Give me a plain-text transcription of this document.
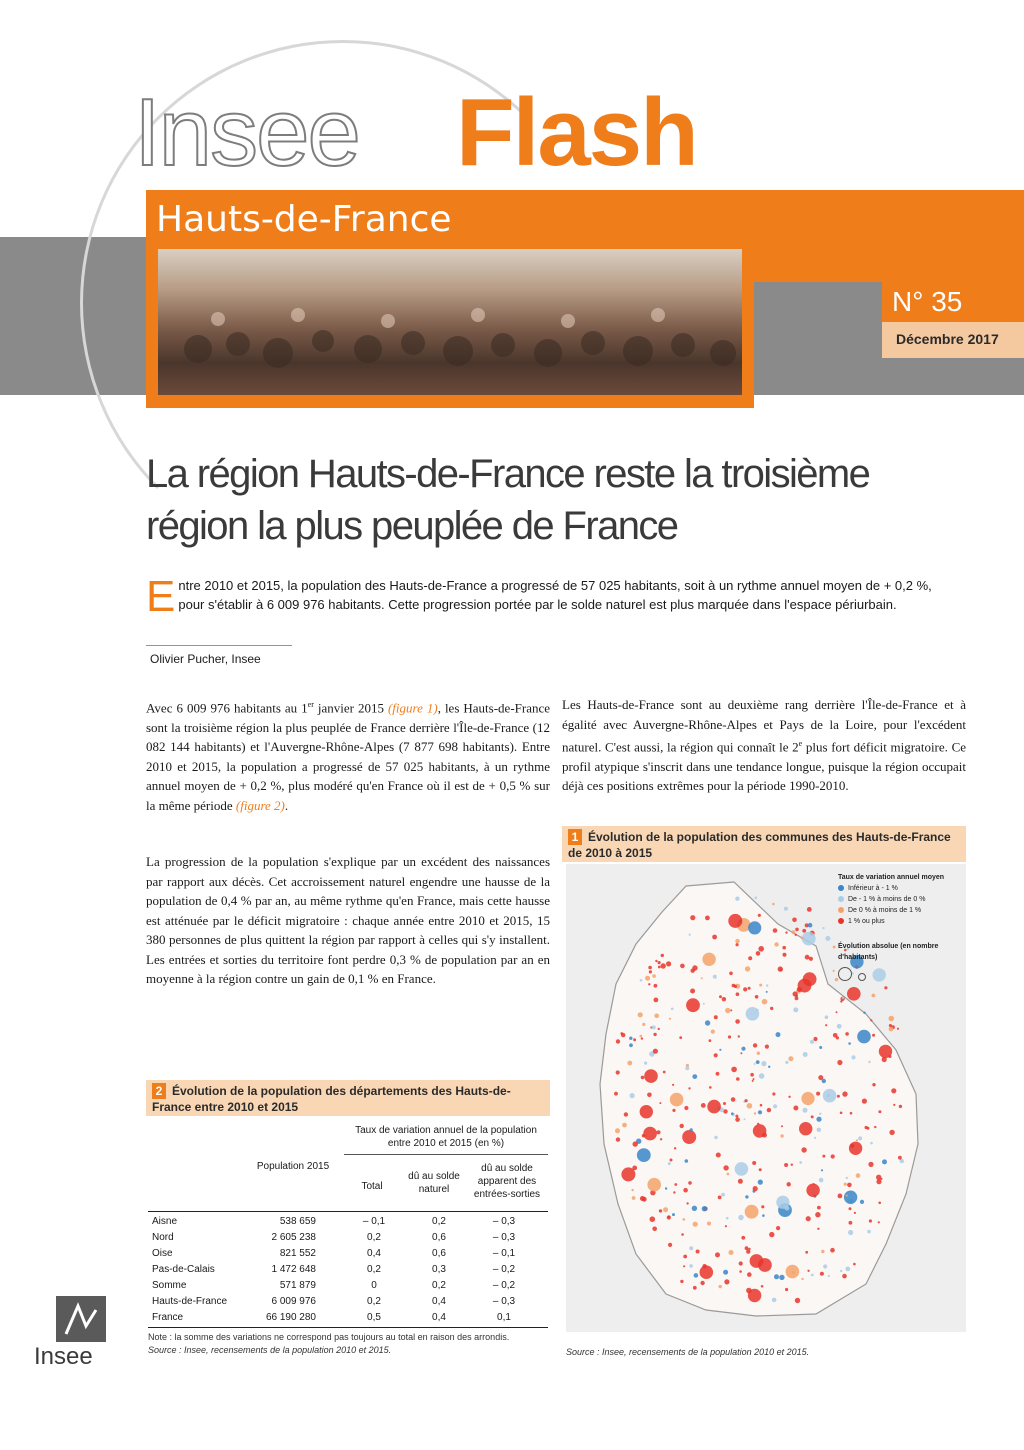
Insee Flash
Hauts-de-France
N° 35
Décembre 2017
La région Hauts-de-France reste la troisième région la plus peuplée de France
Entre 2010 et 2015, la population des Hauts-de-France a progressé de 57 025 habitants, soit à un rythme annuel moyen de + 0,2 %, pour s'établir à 6 009 976 habitants. Cette progression portée par le solde naturel est plus marquée dans l'espace périurbain.
Olivier Pucher, Insee
Avec 6 009 976 habitants au 1er janvier 2015 (figure 1), les Hauts-de-France sont la troisième région la plus peuplée de France derrière l'Île-de-France (12 082 144 habitants) et l'Auvergne-Rhône-Alpes (7 877 698 habitants). Entre 2010 et 2015, la population a progressé de 57 025 habitants, à un rythme annuel moyen de + 0,2 %, plus modéré qu'en France où il est de + 0,5 % sur la même période (figure 2).
La progression de la population s'explique par un excédent des naissances par rapport aux décès. Cet accroissement naturel engendre une hausse de la population de 0,4 % par an, au même rythme qu'en France, mais cette hausse est atténuée par le déficit migratoire : chaque année entre 2010 et 2015, 15 380 personnes de plus quittent la région par rapport à celles qui s'y installent. Les entrées et sorties du territoire font perdre 0,3 % de population par an en moyenne à la région contre un gain de 0,1 % en France.
Les Hauts-de-France sont au deuxième rang derrière l'Île-de-France et à égalité avec Auvergne-Rhône-Alpes et Pays de la Loire, pour l'excédent naturel. C'est aussi, la région qui connaît le 2e plus fort déficit migratoire. Ce profil atypique s'inscrit dans une tendance longue, puisque la région occupait déjà ces positions extrêmes pour la période 1990-2010.
1 Évolution de la population des communes des Hauts-de-France de 2010 à 2015
Taux de variation annuel moyen
Inférieur à - 1 %
De - 1 % à moins de 0 %
De 0 % à moins de 1 %
1 % ou plus
Évolution absolue (en nombre d'habitants)

Source : Insee, recensements de la population 2010 et 2015.
2 Évolution de la population des départements des Hauts-de-France entre 2010 et 2015
Taux de variation annuel de la population entre 2010 et 2015 (en %)
Population 2015
Total
dû au solde naturel
dû au solde apparent des entrées-sorties
Aisne	538 659	– 0,1	0,2	– 0,3
Nord	2 605 238	0,2	0,6	– 0,3
Oise	821 552	0,4	0,6	– 0,1
Pas-de-Calais	1 472 648	0,2	0,3	– 0,2
Somme	571 879	0	0,2	– 0,2
Hauts-de-France	6 009 976	0,2	0,4	– 0,3
France	66 190 280	0,5	0,4	0,1
Note : la somme des variations ne correspond pas toujours au total en raison des arrondis.
Source : Insee, recensements de la population 2010 et 2015.
Insee
